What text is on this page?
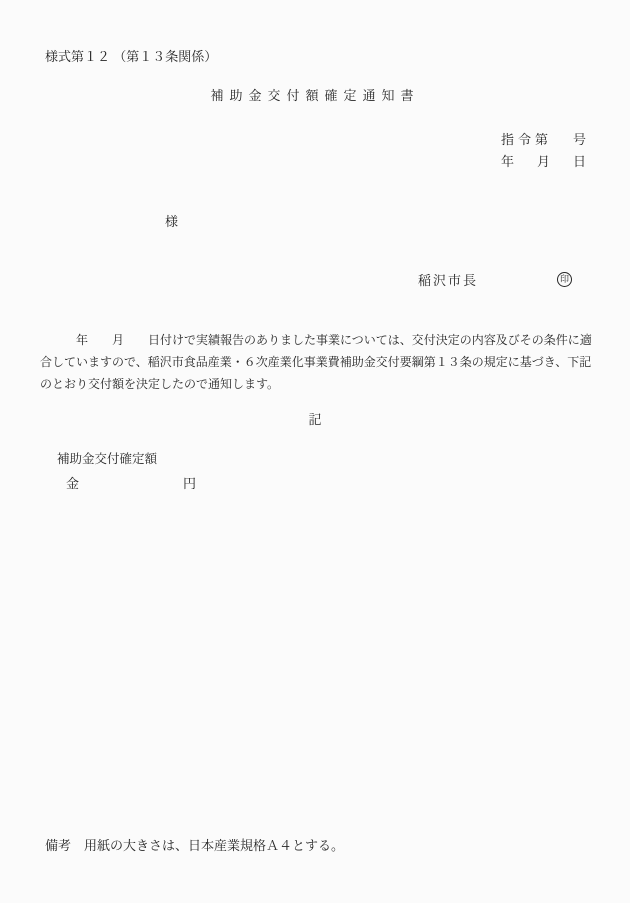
様式第１２ （第１３条関係）
補助金交付額確定通知書
指令第 号
年 月 日
様
稲沢市長	印
　　　年　　月　　日付けで実績報告のありました事業については、交付決定の内容及びその条件に適
合していますので、稲沢市食品産業・６次産業化事業費補助金交付要綱第１３条の規定に基づき、下記
のとおり交付額を決定したので通知します。
記
補助金交付確定額
金	円
備考　用紙の大きさは、日本産業規格Ａ４とする。
